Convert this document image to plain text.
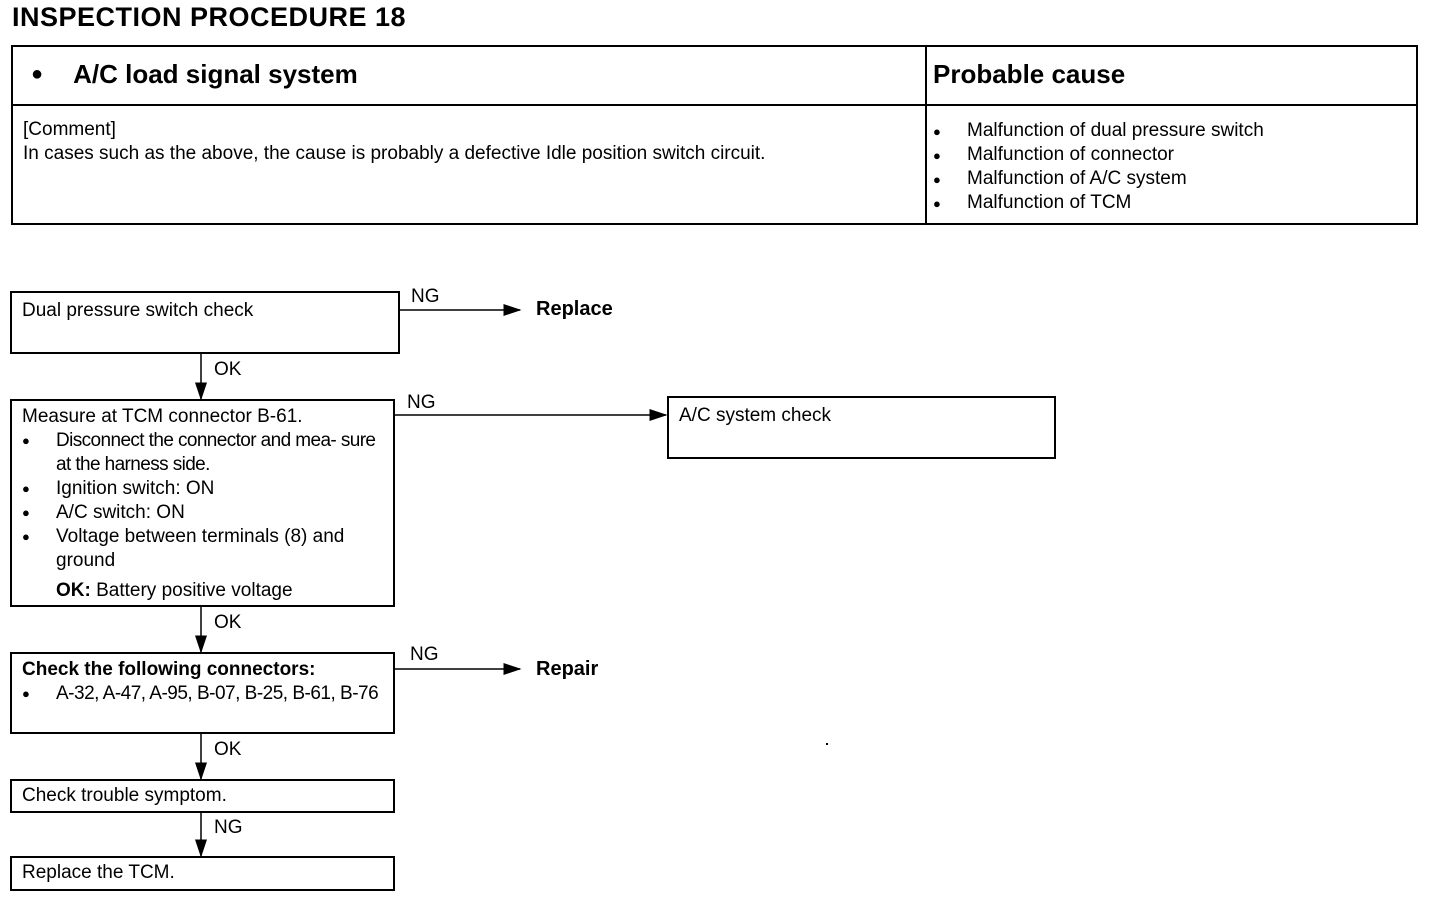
INSPECTION PROCEDURE 18
● A/C load signal system	Probable cause
[Comment]
In cases such as the above, the cause is probably a defective Idle position switch circuit.
●	Malfunction of dual pressure switch
●	Malfunction of connector
●	Malfunction of A/C system
●	Malfunction of TCM
Dual pressure switch check
NG
Replace
OK
Measure at TCM connector B-61.
●	Disconnect the connector and mea- sure at the harness side.
●	Ignition switch: ON
●	A/C switch: ON
●	Voltage between terminals (8) and ground
OK: Battery positive voltage
NG
A/C system check
OK
Check the following connectors:
●	A-32, A-47, A-95, B-07, B-25, B-61, B-76
NG
Repair
OK
Check trouble symptom.
NG
Replace the TCM.
